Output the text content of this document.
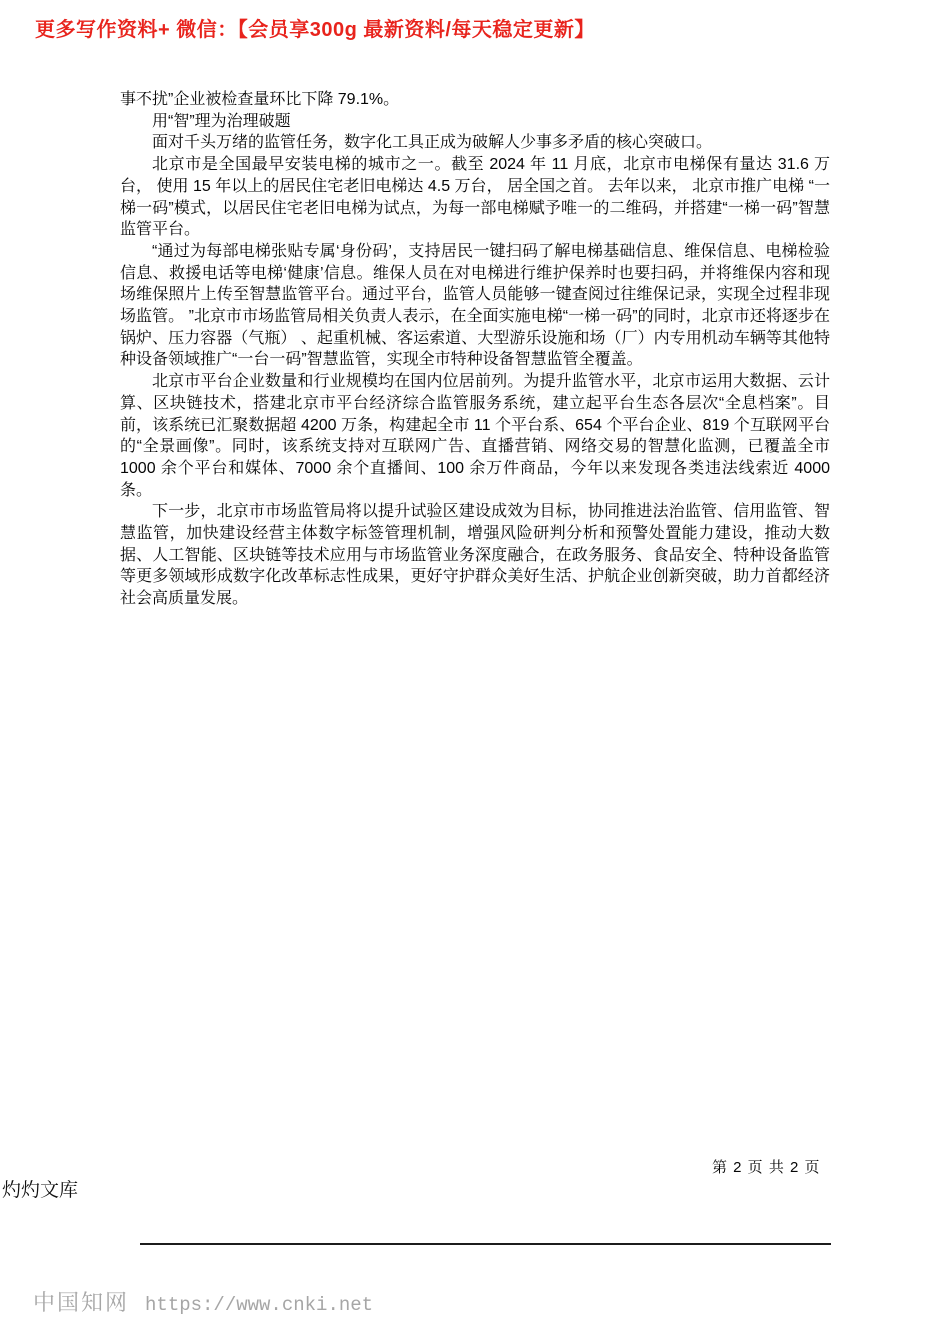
更多写作资料+ 微信：【会员享300g 最新资料/每天稳定更新】

事不扰”企业被检查量环比下降 79.1%。

用“智”理为治理破题

面对千头万绪的监管任务，数字化工具正成为破解人少事多矛盾的核心突破口。

北京市是全国最早安装电梯的城市之一。截至 2024 年 11 月底，北京市电梯保有量达 31.6 万台， 使用 15 年以上的居民住宅老旧电梯达 4.5 万台， 居全国之首。 去年以来， 北京市推广电梯 “一梯一码”模式，以居民住宅老旧电梯为试点，为每一部电梯赋予唯一的二维码，并搭建“一梯一码”智慧监管平台。

“通过为每部电梯张贴专属‘身份码’，支持居民一键扫码了解电梯基础信息、维保信息、电梯检验信息、救援电话等电梯‘健康’信息。维保人员在对电梯进行维护保养时也要扫码，并将维保内容和现场维保照片上传至智慧监管平台。通过平台，监管人员能够一键查阅过往维保记录，实现全过程非现场监管。 ”北京市市场监管局相关负责人表示，在全面实施电梯“一梯一码”的同时，北京市还将逐步在锅炉、压力容器（气瓶） 、起重机械、客运索道、大型游乐设施和场（厂）内专用机动车辆等其他特种设备领域推广“一台一码”智慧监管，实现全市特种设备智慧监管全覆盖。

北京市平台企业数量和行业规模均在国内位居前列。为提升监管水平，北京市运用大数据、云计算、区块链技术，搭建北京市平台经济综合监管服务系统，建立起平台生态各层次“全息档案”。目前，该系统已汇聚数据超 4200 万条，构建起全市 11 个平台系、654 个平台企业、819 个互联网平台的“全景画像”。同时，该系统支持对互联网广告、直播营销、网络交易的智慧化监测，已覆盖全市 1000 余个平台和媒体、7000 余个直播间、100 余万件商品，今年以来发现各类违法线索近 4000 条。

下一步，北京市市场监管局将以提升试验区建设成效为目标，协同推进法治监管、信用监管、智慧监管，加快建设经营主体数字标签管理机制，增强风险研判分析和预警处置能力建设，推动大数据、人工智能、区块链等技术应用与市场监管业务深度融合，在政务服务、食品安全、特种设备监管等更多领域形成数字化改革标志性成果，更好守护群众美好生活、护航企业创新突破，助力首都经济社会高质量发展。

第 2 页 共 2 页
灼灼文库
中国知网 https://www.cnki.net
